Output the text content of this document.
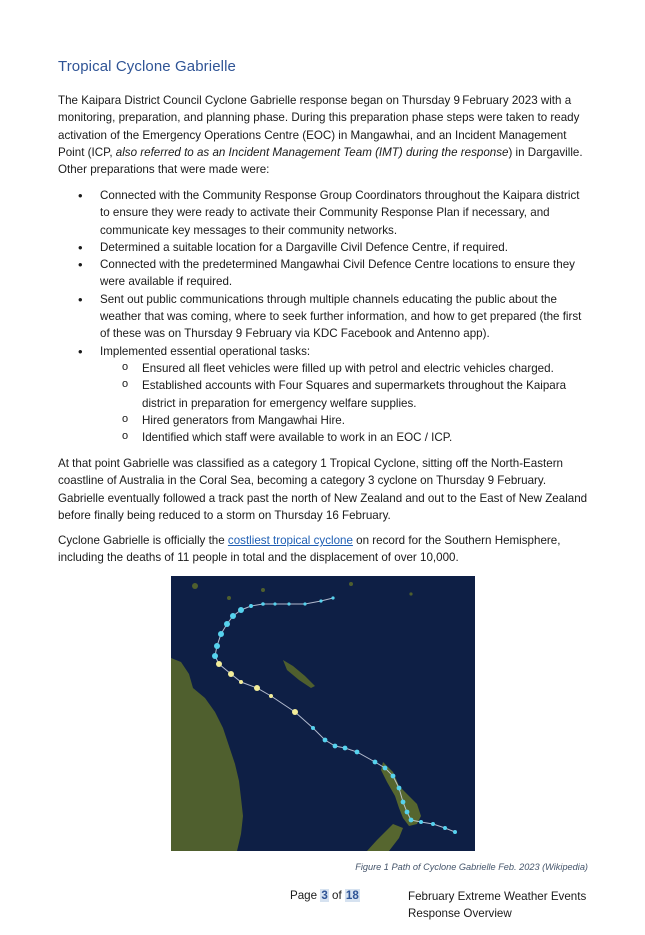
Tropical Cyclone Gabrielle

The Kaipara District Council Cyclone Gabrielle response began on Thursday 9 February 2023 with a monitoring, preparation, and planning phase. During this preparation phase steps were taken to ready activation of the Emergency Operations Centre (EOC) in Mangawhai, and an Incident Management Point (ICP, also referred to as an Incident Management Team (IMT) during the response) in Dargaville. Other preparations that were made were:

• Connected with the Community Response Group Coordinators throughout the Kaipara district to ensure they were ready to activate their Community Response Plan if necessary, and communicate key messages to their community networks.
• Determined a suitable location for a Dargaville Civil Defence Centre, if required.
• Connected with the predetermined Mangawhai Civil Defence Centre locations to ensure they were available if required.
• Sent out public communications through multiple channels educating the public about the weather that was coming, where to seek further information, and how to get prepared (the first of these was on Thursday 9 February via KDC Facebook and Antenno app).
• Implemented essential operational tasks:
o Ensured all fleet vehicles were filled up with petrol and electric vehicles charged.
o Established accounts with Four Squares and supermarkets throughout the Kaipara district in preparation for emergency welfare supplies.
o Hired generators from Mangawhai Hire.
o Identified which staff were available to work in an EOC / ICP.

At that point Gabrielle was classified as a category 1 Tropical Cyclone, sitting off the North-Eastern coastline of Australia in the Coral Sea, becoming a category 3 cyclone on Thursday 9 February. Gabrielle eventually followed a track past the north of New Zealand and out to the East of New Zealand before finally being reduced to a storm on Thursday 16 February.

Cyclone Gabrielle is officially the costliest tropical cyclone on record for the Southern Hemisphere, including the deaths of 11 people in total and the displacement of over 10,000.

Figure 1 Path of Cyclone Gabrielle Feb. 2023 (Wikipedia)

Page 3 of 18	February Extreme Weather Events
Response Overview
